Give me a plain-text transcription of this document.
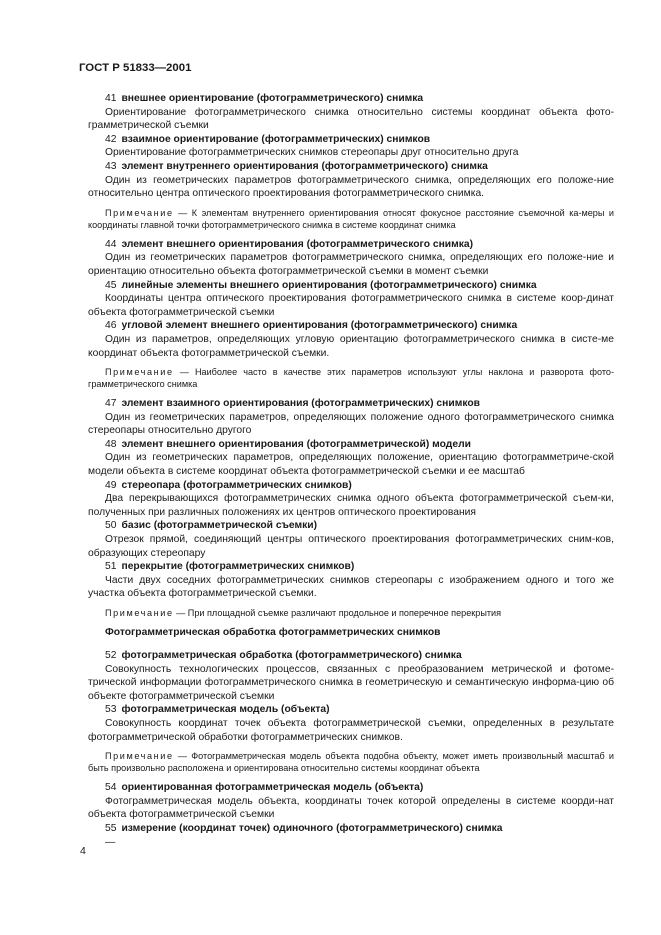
ГОСТ Р 51833—2001
41 внешнее ориентирование (фотограмметрического) снимка

Ориентирование фотограмметрического снимка относительно системы координат объекта фото-грамметрической съемки

42 взаимное ориентирование (фотограмметрических) снимков

Ориентирование фотограмметрических снимков стереопары друг относительно друга

43 элемент внутреннего ориентирования (фотограмметрического) снимка

Один из геометрических параметров фотограмметрического снимка, определяющих его положе-ние относительно центра оптического проектирования фотограмметрического снимка.

Примечание — К элементам внутреннего ориентирования относят фокусное расстояние съемочной ка-меры и координаты главной точки фотограмметрического снимка в системе координат снимка

44 элемент внешнего ориентирования (фотограмметрического снимка)

Один из геометрических параметров фотограмметрического снимка, определяющих его положе-ние и ориентацию относительно объекта фотограмметрической съемки в момент съемки

45 линейные элементы внешнего ориентирования (фотограмметрического) снимка

Координаты центра оптического проектирования фотограмметрического снимка в системе коор-динат объекта фотограмметрической съемки

46 угловой элемент внешнего ориентирования (фотограмметрического) снимка

Один из параметров, определяющих угловую ориентацию фотограмметрического снимка в систе-ме координат объекта фотограмметрической съемки.

Примечание — Наиболее часто в качестве этих параметров используют углы наклона и разворота фото-грамметрического снимка

47 элемент взаимного ориентирования (фотограмметрических) снимков

Один из геометрических параметров, определяющих положение одного фотограмметрического снимка стереопары относительно другого

48 элемент внешнего ориентирования (фотограмметрической) модели

Один из геометрических параметров, определяющих положение, ориентацию фотограмметриче-ской модели объекта в системе координат объекта фотограмметрической съемки и ее масштаб

49 стереопара (фотограмметрических снимков)

Два перекрывающихся фотограмметрических снимка одного объекта фотограмметрической съем-ки, полученных при различных положениях их центров оптического проектирования

50 базис (фотограмметрической съемки)

Отрезок прямой, соединяющий центры оптического проектирования фотограмметрических сним-ков, образующих стереопару

51 перекрытие (фотограмметрических снимков)

Части двух соседних фотограмметрических снимков стереопары с изображением одного и того же участка объекта фотограмметрической съемки.

Примечание — При площадной съемке различают продольное и поперечное перекрытия

Фотограмметрическая обработка фотограмметрических снимков
52 фотограмметрическая обработка (фотограмметрического) снимка

Совокупность технологических процессов, связанных с преобразованием метрической и фотоме-трической информации фотограмметрического снимка в геометрическую и семантическую информа-цию об объекте фотограмметрической съемки

53 фотограмметрическая модель (объекта)

Совокупность координат точек объекта фотограмметрической съемки, определенных в результате фотограмметрической обработки фотограмметрических снимков.

Примечание — Фотограмметрическая модель объекта подобна объекту, может иметь произвольный масштаб и быть произвольно расположена и ориентирована относительно системы координат объекта

54 ориентированная фотограмметрическая модель (объекта)

Фотограмметрическая модель объекта, координаты точек которой определены в системе коорди-нат объекта фотограмметрической съемки

55 измерение (координат точек) одиночного (фотограмметрического) снимка

—

4
